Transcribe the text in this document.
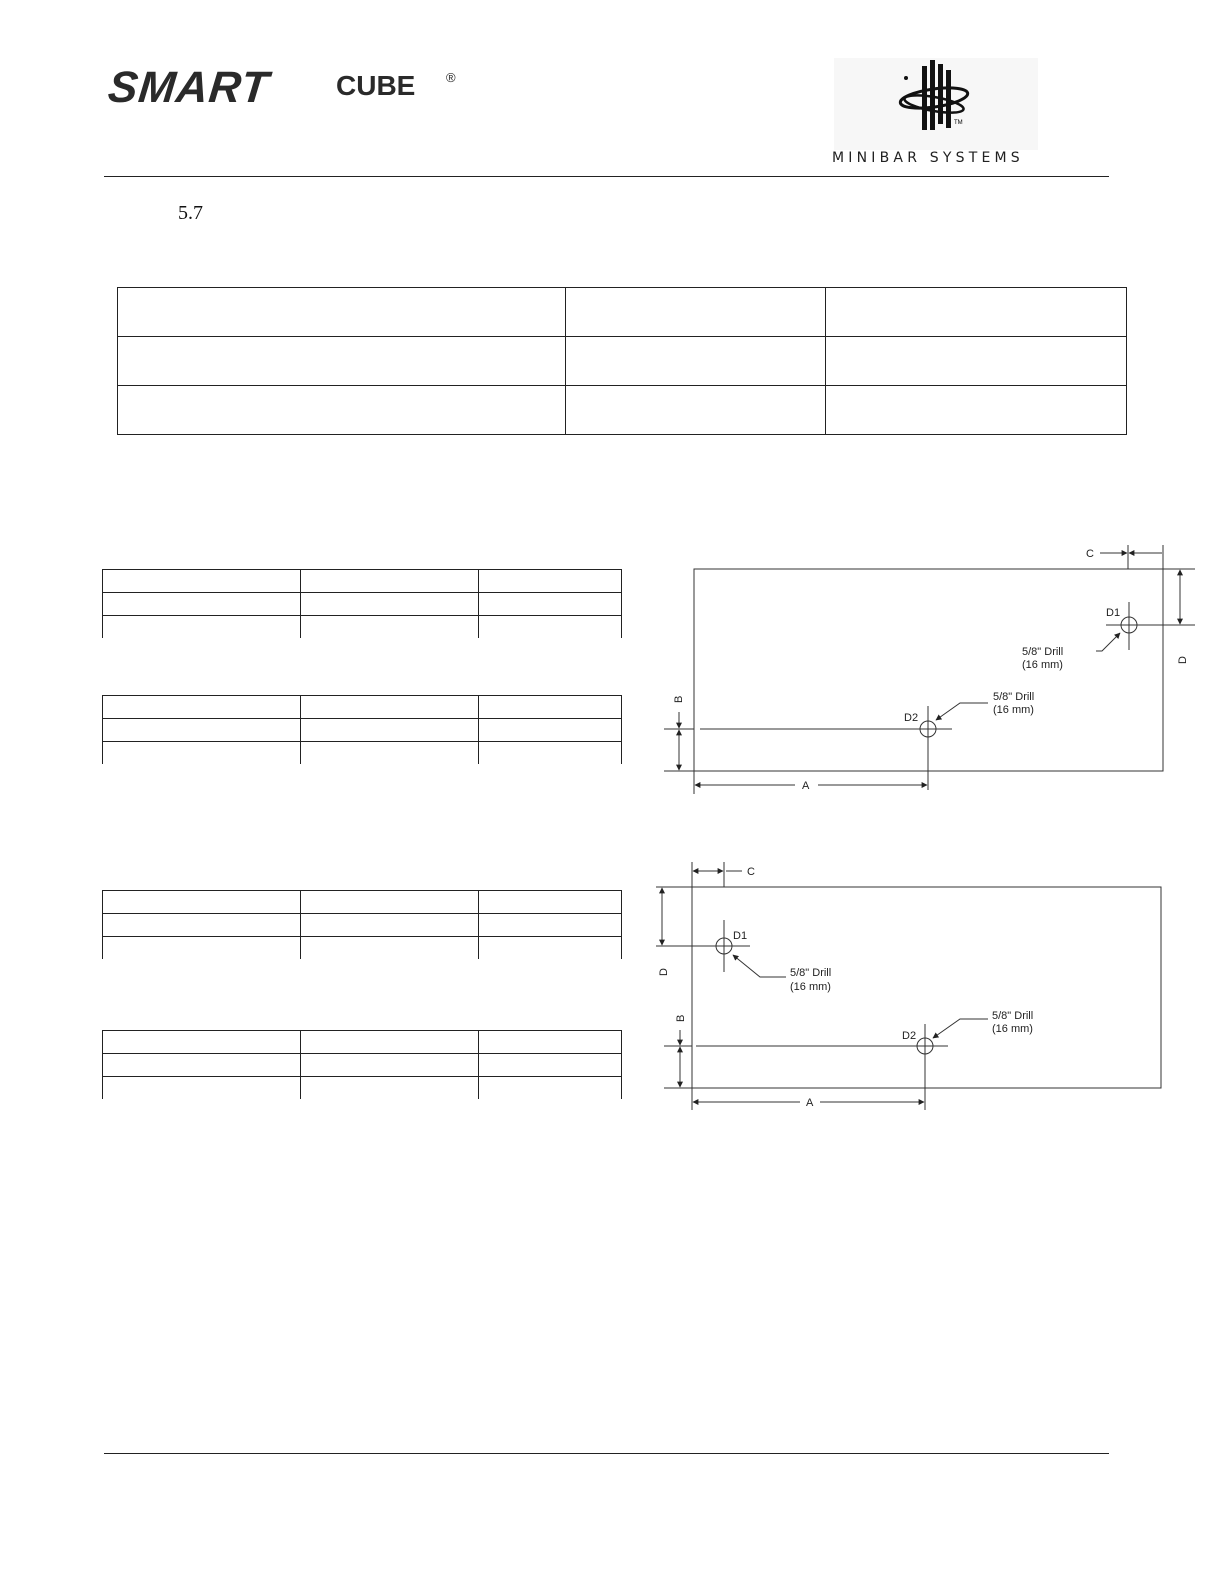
SMART CUBE ®
TM
MINIBAR SYSTEMS
5.7

C
D
D1
5/8" Drill
(16 mm)
5/8" Drill
(16 mm)
D2
B
A
C
D
D1
5/8" Drill
(16 mm)
5/8" Drill
(16 mm)
D2
B
A
